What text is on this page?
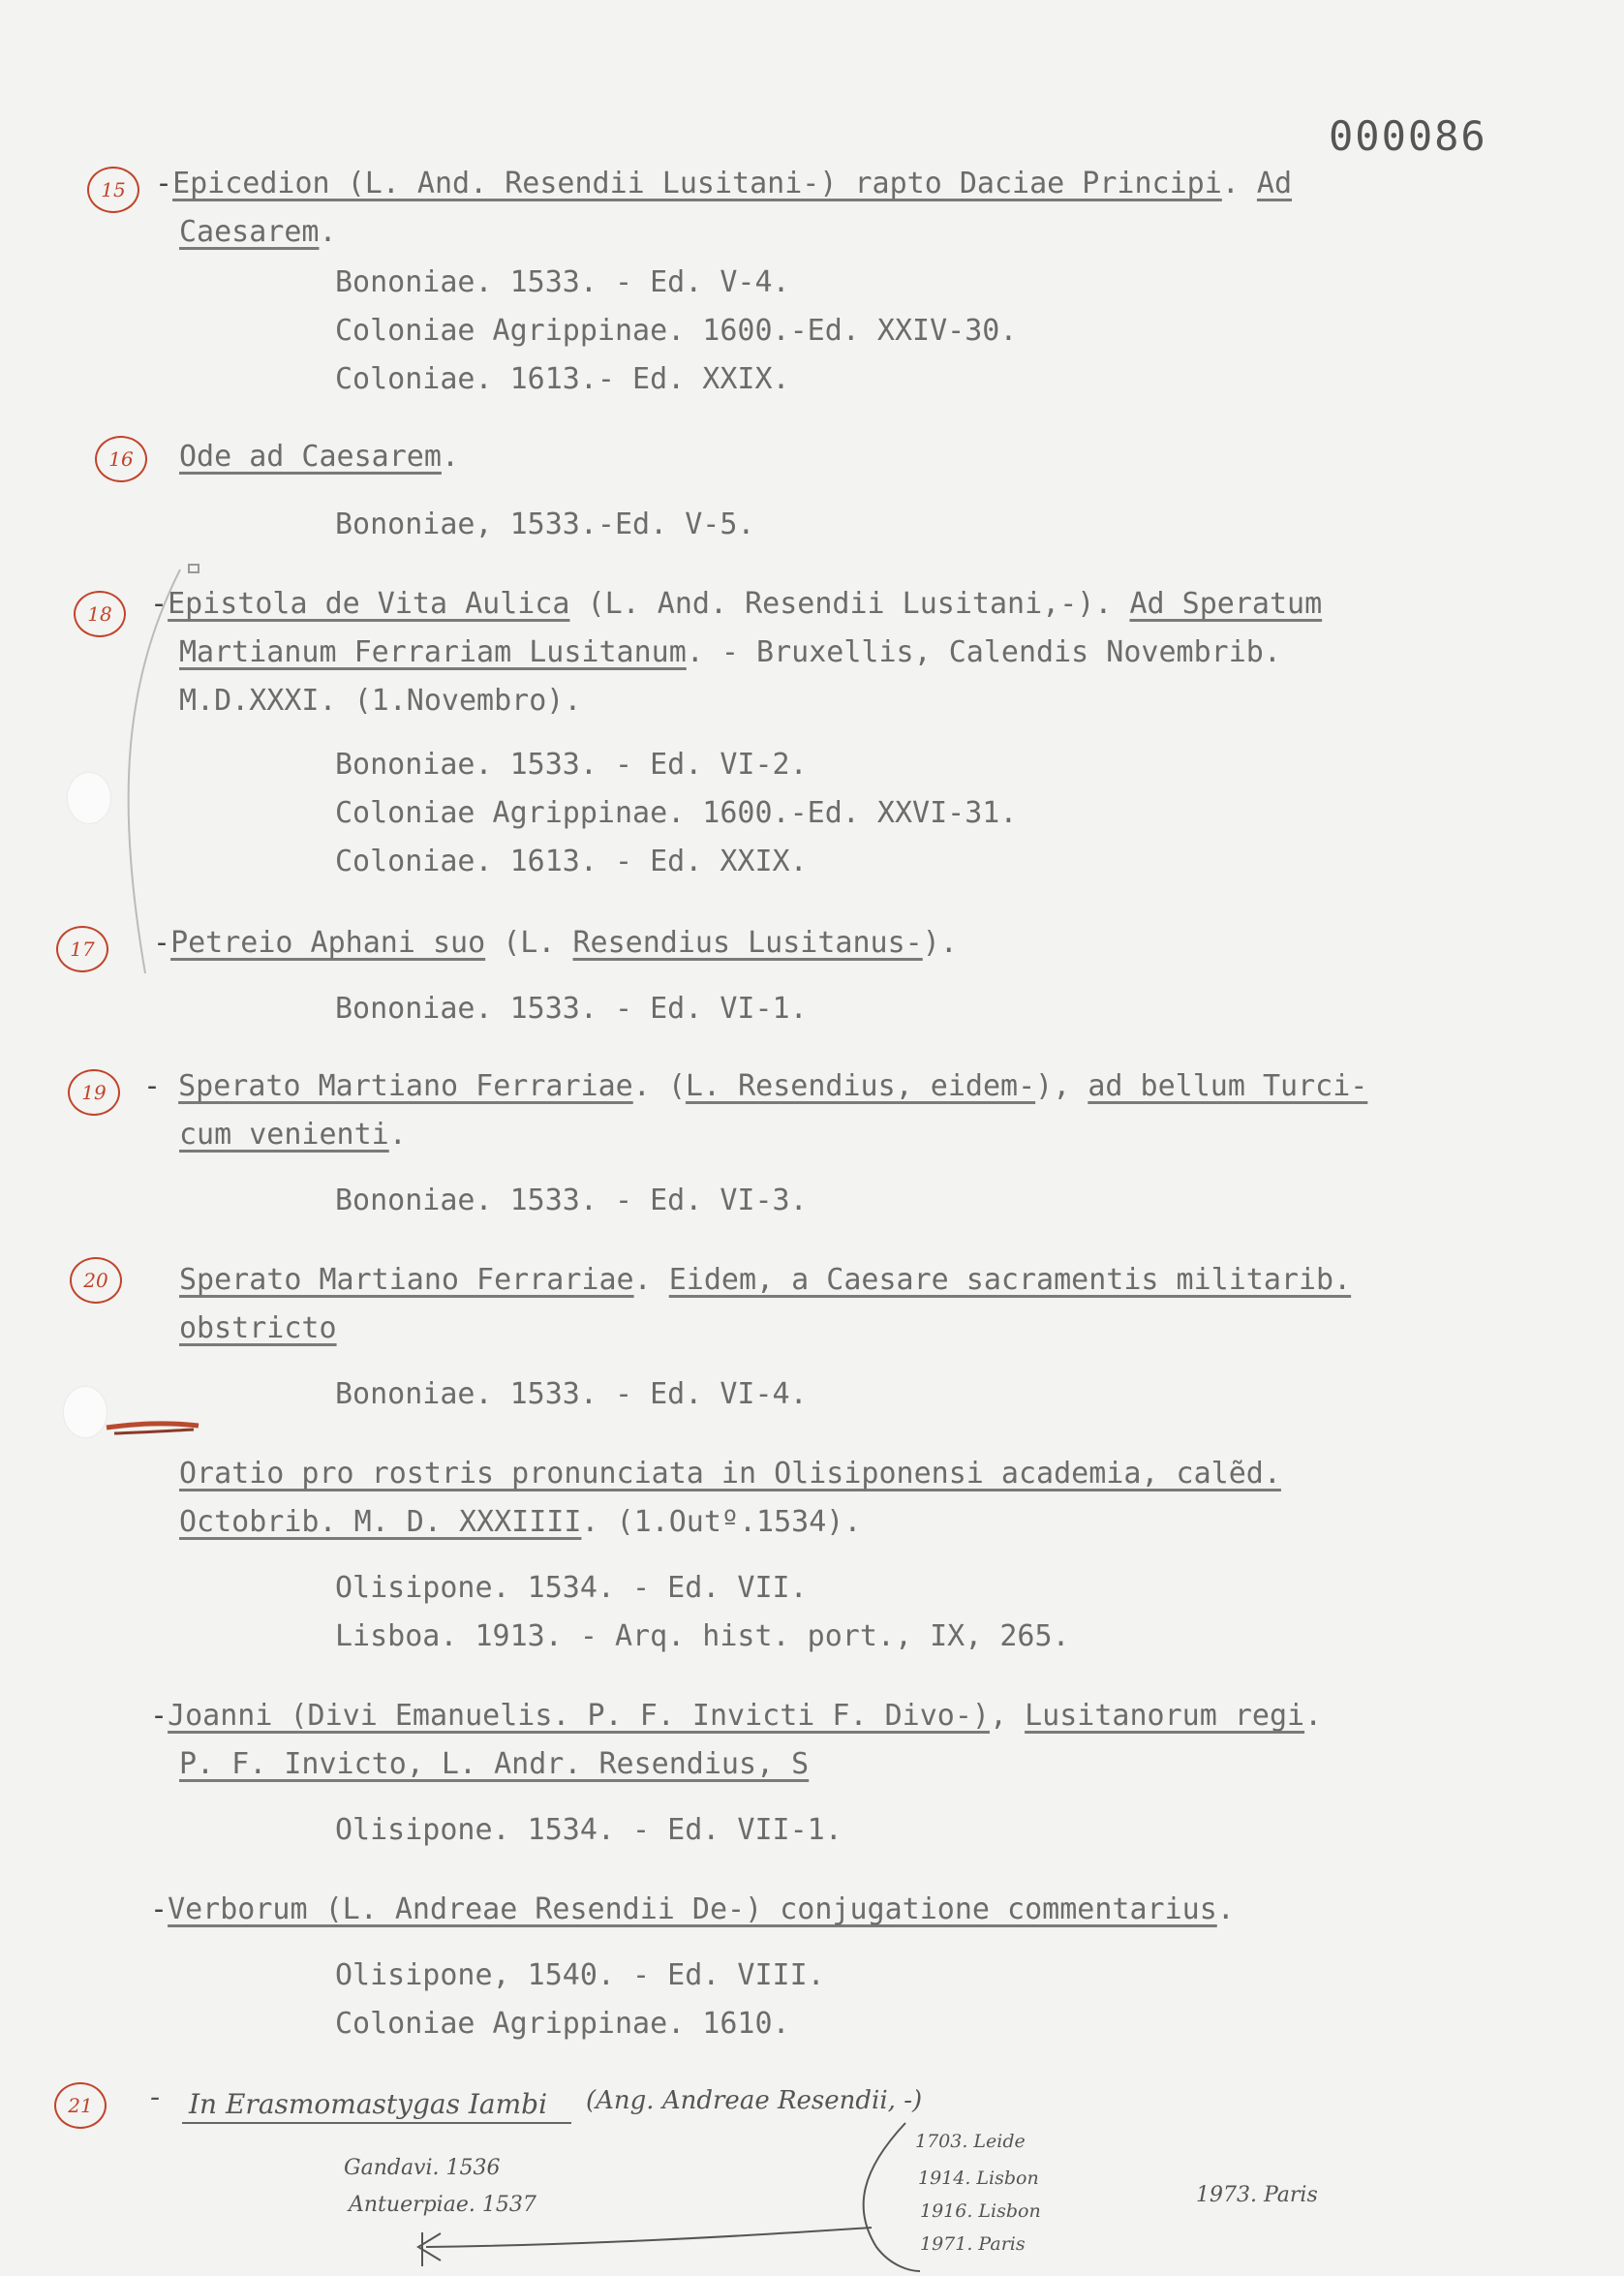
000086
15	-Epicedion (L. And. Resendii Lusitani-) rapto Daciae Principi. Ad
Caesarem.
Bononiae. 1533. - Ed. V-4.
Coloniae Agrippinae. 1600.-Ed. XXIV-30.
Coloniae. 1613.- Ed. XXIX.
16	Ode ad Caesarem.
Bononiae, 1533.-Ed. V-5.
18	-Epistola de Vita Aulica (L. And. Resendii Lusitani,-). Ad Speratum
Martianum Ferrariam Lusitanum. - Bruxellis, Calendis Novembrib.
M.D.XXXI. (1.Novembro).
Bononiae. 1533. - Ed. VI-2.
Coloniae Agrippinae. 1600.-Ed. XXVI-31.
Coloniae. 1613. - Ed. XXIX.
17	-Petreio Aphani suo (L. Resendius Lusitanus-).
Bononiae. 1533. - Ed. VI-1.
19	- Sperato Martiano Ferrariae. (L. Resendius, eidem-), ad bellum Turci-
cum venienti.
Bononiae. 1533. - Ed. VI-3.
20	Sperato Martiano Ferrariae. Eidem, a Caesare sacramentis militarib.
obstricto
Bononiae. 1533. - Ed. VI-4.
Oratio pro rostris pronunciata in Olisiponensi academia, calẽd.
Octobrib. M. D. XXXIIII. (1.Outº.1534).
Olisipone. 1534. - Ed. VII.
Lisboa. 1913. - Arq. hist. port., IX, 265.
-Joanni (Divi Emanuelis. P. F. Invicti F. Divo-), Lusitanorum regi.
P. F. Invicto, L. Andr. Resendius, S
Olisipone. 1534. - Ed. VII-1.
-Verborum (L. Andreae Resendii De-) conjugatione commentarius.
Olisipone, 1540. - Ed. VIII.
Coloniae Agrippinae. 1610.
21	- In Erasmomastygas Iambi (Ang. Andreae Resendii, -)
Gandavi. 1536
Antuerpiae. 1537
1703. Leide
1914. Lisbon
1916. Lisbon
1971. Paris
1973. Paris
